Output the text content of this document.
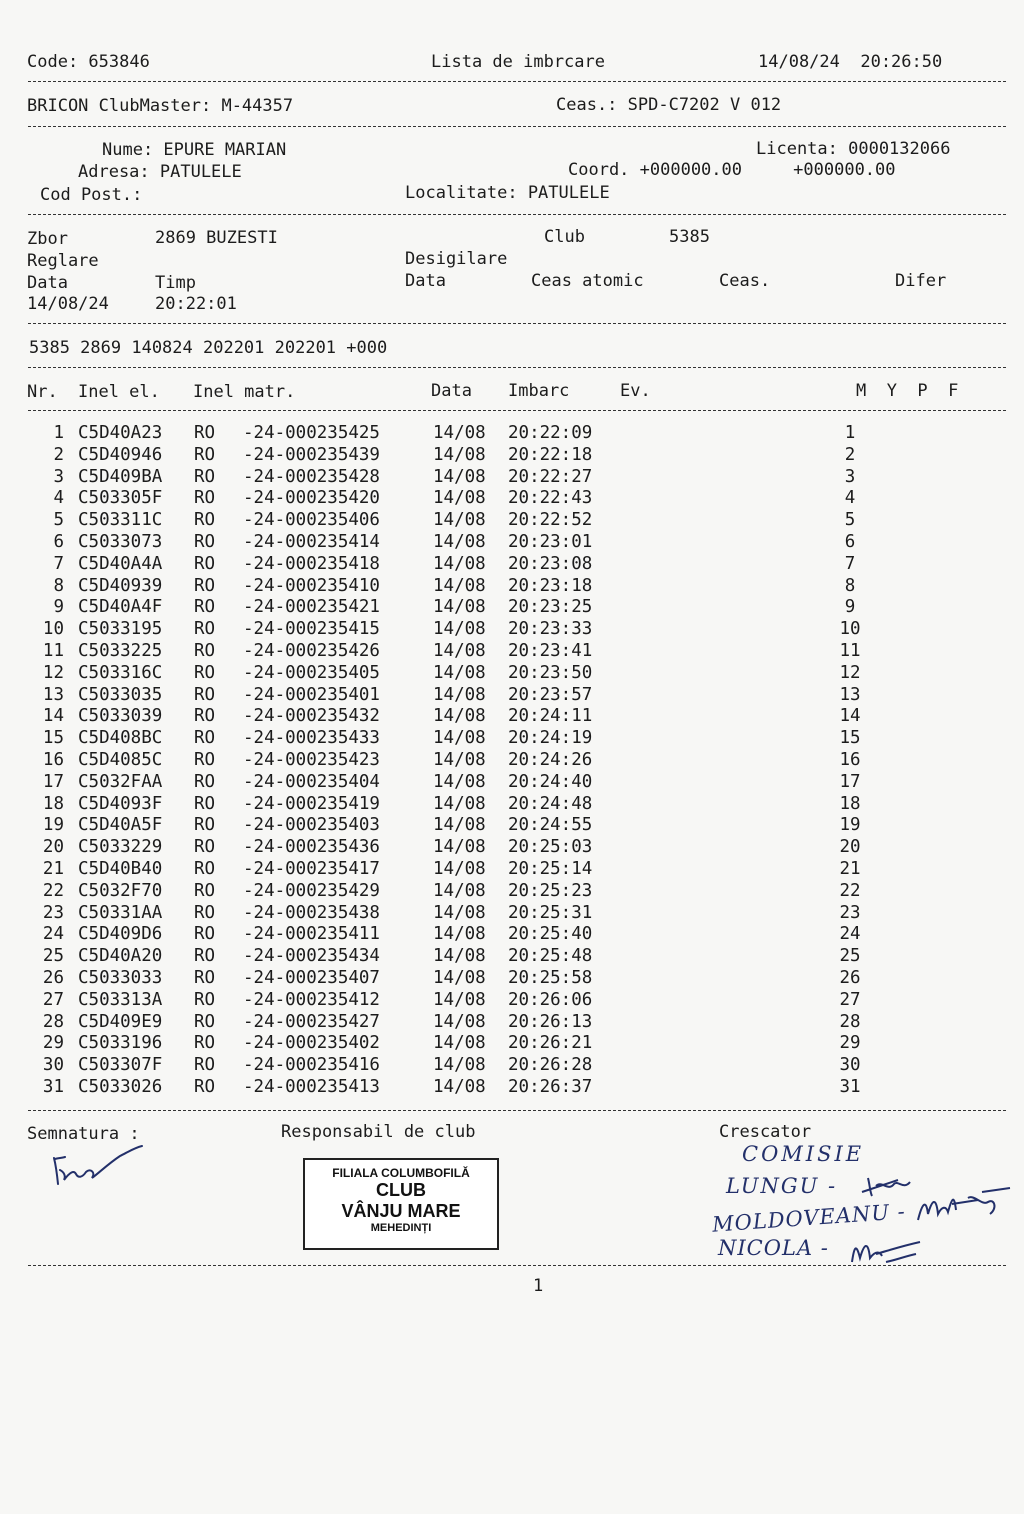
Code: 653846	Lista de imbrcare	14/08/24  20:26:50
BRICON ClubMaster: M-44357	Ceas.: SPD-C7202 V 012
Nume: EPURE MARIAN	Licenta: 0000132066
Adresa: PATULELE	Coord. +000000.00     +000000.00
Cod Post.:	Localitate: PATULELE
Zbor	2869 BUZESTI	Club	5385
Reglare	Desigilare
Data	Timp	Data	Ceas atomic	Ceas.	Difer
14/08/24	20:22:01
5385 2869 140824 202201 202201 +000
Nr. Inel el. Inel matr.	Data Imbarc	Ev.	M  Y  P  F
1 C5D40A23 RO -24-000235425	14/08 20:22:09	1
2 C5D40946 RO -24-000235439	14/08 20:22:18	2
3 C5D409BA RO -24-000235428	14/08 20:22:27	3
4 C503305F RO -24-000235420	14/08 20:22:43	4
5 C503311C RO -24-000235406	14/08 20:22:52	5
6 C5033073 RO -24-000235414	14/08 20:23:01	6
7 C5D40A4A RO -24-000235418	14/08 20:23:08	7
8 C5D40939 RO -24-000235410	14/08 20:23:18	8
9 C5D40A4F RO -24-000235421	14/08 20:23:25	9
10 C5033195 RO -24-000235415	14/08 20:23:33	10
11 C5033225 RO -24-000235426	14/08 20:23:41	11
12 C503316C RO -24-000235405	14/08 20:23:50	12
13 C5033035 RO -24-000235401	14/08 20:23:57	13
14 C5033039 RO -24-000235432	14/08 20:24:11	14
15 C5D408BC RO -24-000235433	14/08 20:24:19	15
16 C5D4085C RO -24-000235423	14/08 20:24:26	16
17 C5032FAA RO -24-000235404	14/08 20:24:40	17
18 C5D4093F RO -24-000235419	14/08 20:24:48	18
19 C5D40A5F RO -24-000235403	14/08 20:24:55	19
20 C5033229 RO -24-000235436	14/08 20:25:03	20
21 C5D40B40 RO -24-000235417	14/08 20:25:14	21
22 C5032F70 RO -24-000235429	14/08 20:25:23	22
23 C50331AA RO -24-000235438	14/08 20:25:31	23
24 C5D409D6 RO -24-000235411	14/08 20:25:40	24
25 C5D40A20 RO -24-000235434	14/08 20:25:48	25
26 C5033033 RO -24-000235407	14/08 20:25:58	26
27 C503313A RO -24-000235412	14/08 20:26:06	27
28 C5D409E9 RO -24-000235427	14/08 20:26:13	28
29 C5033196 RO -24-000235402	14/08 20:26:21	29
30 C503307F RO -24-000235416	14/08 20:26:28	30
31 C5033026 RO -24-000235413	14/08 20:26:37	31
Semnatura :	Responsabil de club	Crescator
FILIALA COLUMBOFILĂ
CLUB
VÂNJU MARE
MEHEDINȚI
COMISIE
LUNGU -
MOLDOVEANU -
NICOLA -
1
